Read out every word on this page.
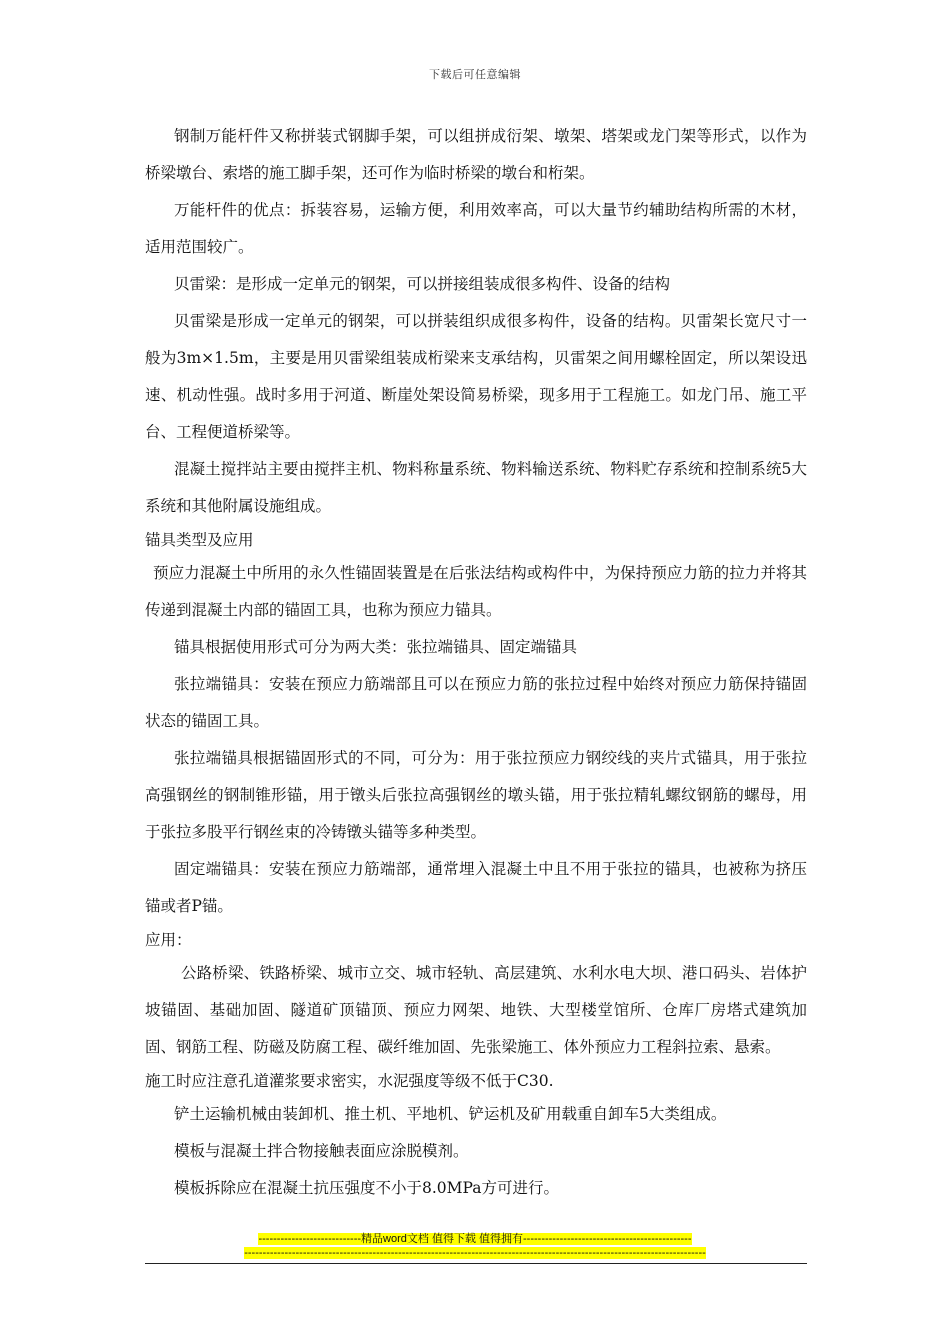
下载后可任意编辑

钢制万能杆件又称拼装式钢脚手架，可以组拼成衍架、墩架、塔架或龙门架等形式，以作为桥梁墩台、索塔的施工脚手架，还可作为临时桥梁的墩台和桁架。

万能杆件的优点：拆装容易，运输方便，利用效率高，可以大量节约辅助结构所需的木材，适用范围较广。

贝雷梁：是形成一定单元的钢架，可以拼接组装成很多构件、设备的结构

贝雷梁是形成一定单元的钢架，可以拼装组织成很多构件，设备的结构。贝雷架长宽尺寸一般为3m×1.5m，主要是用贝雷梁组装成桁梁来支承结构，贝雷架之间用螺栓固定，所以架设迅速、机动性强。战时多用于河道、断崖处架设简易桥梁，现多用于工程施工。如龙门吊、施工平台、工程便道桥梁等。

混凝土搅拌站主要由搅拌主机、物料称量系统、物料输送系统、物料贮存系统和控制系统5大系统和其他附属设施组成。

锚具类型及应用

预应力混凝土中所用的永久性锚固装置是在后张法结构或构件中，为保持预应力筋的拉力并将其传递到混凝土内部的锚固工具，也称为预应力锚具。

锚具根据使用形式可分为两大类：张拉端锚具、固定端锚具

张拉端锚具：安装在预应力筋端部且可以在预应力筋的张拉过程中始终对预应力筋保持锚固状态的锚固工具。

张拉端锚具根据锚固形式的不同，可分为：用于张拉预应力钢绞线的夹片式锚具，用于张拉高强钢丝的钢制锥形锚，用于镦头后张拉高强钢丝的墩头锚，用于张拉精轧螺纹钢筋的螺母，用于张拉多股平行钢丝束的冷铸镦头锚等多种类型。

固定端锚具：安装在预应力筋端部，通常埋入混凝土中且不用于张拉的锚具，也被称为挤压锚或者P锚。

应用：

公路桥梁、铁路桥梁、城市立交、城市轻轨、高层建筑、水利水电大坝、港口码头、岩体护坡锚固、基础加固、隧道矿顶锚顶、预应力网架、地铁、大型楼堂馆所、仓库厂房塔式建筑加固、钢筋工程、防磁及防腐工程、碳纤维加固、先张梁施工、体外预应力工程斜拉索、悬索。

施工时应注意孔道灌浆要求密实，水泥强度等级不低于C30.

铲土运输机械由装卸机、推土机、平地机、铲运机及矿用载重自卸车5大类组成。

模板与混凝土拌合物接触表面应涂脱模剂。

模板拆除应在混凝土抗压强度不小于8.0MPa方可进行。

----------------------------精品word文档 值得下载 值得拥有----------------------------------------------
------------------------------------------------------------------------------------------------------------------------------
